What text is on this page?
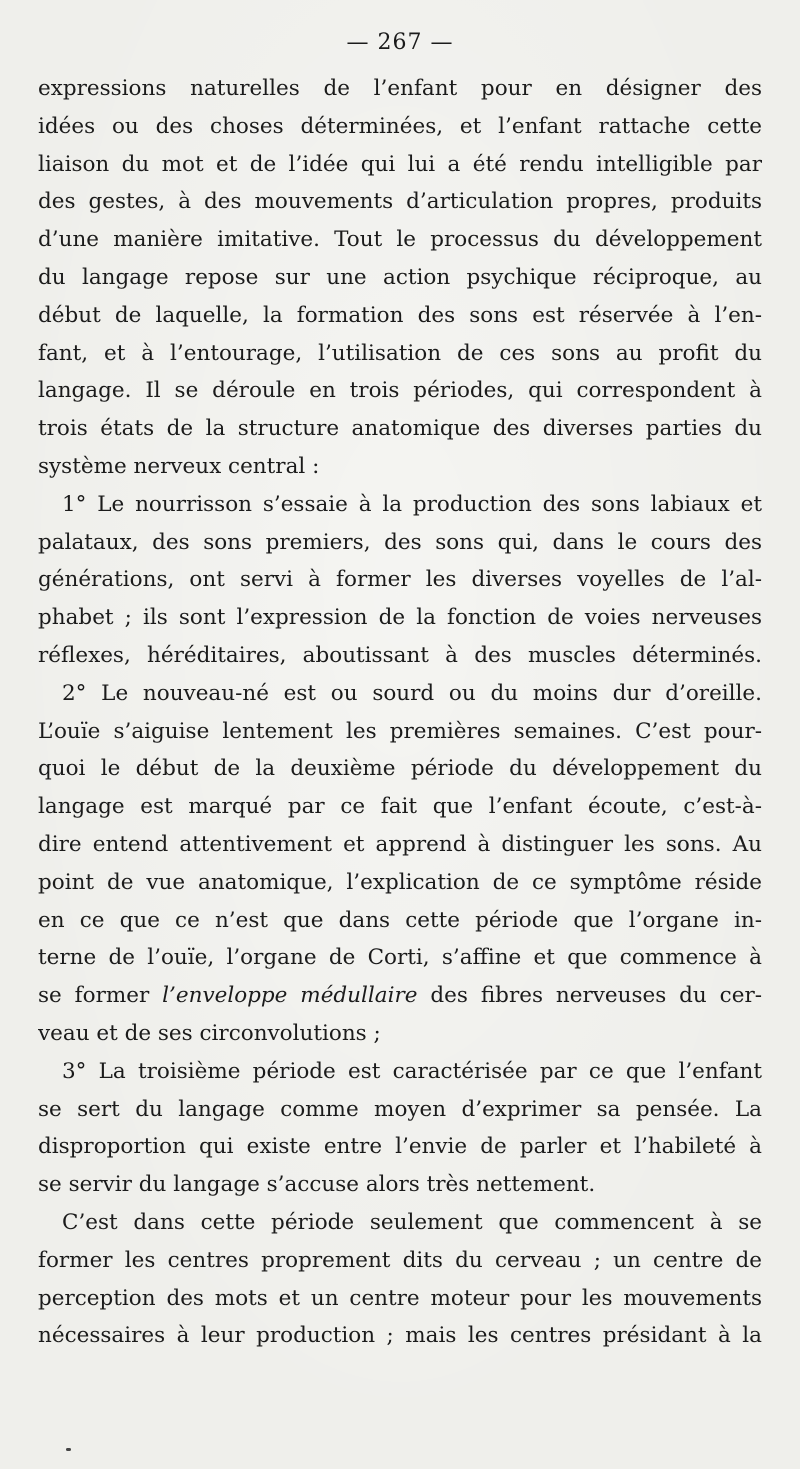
— 267 —
expressions naturelles de l’enfant pour en désigner des
idées ou des choses déterminées, et l’enfant rattache cette
liaison du mot et de l’idée qui lui a été rendu intelligible par
des gestes, à des mouvements d’articulation propres, produits
d’une manière imitative. Tout le processus du développement
du langage repose sur une action psychique réciproque, au
début de laquelle, la formation des sons est réservée à l’en-
fant, et à l’entourage, l’utilisation de ces sons au profit du
langage. Il se déroule en trois périodes, qui correspondent à
trois états de la structure anatomique des diverses parties du
système nerveux central :
1° Le nourrisson s’essaie à la production des sons labiaux et
palataux, des sons premiers, des sons qui, dans le cours des
générations, ont servi à former les diverses voyelles de l’al-
phabet ; ils sont l’expression de la fonction de voies nerveuses
réflexes, héréditaires, aboutissant à des muscles déterminés.
2° Le nouveau-né est ou sourd ou du moins dur d’oreille.
L’ouïe s’aiguise lentement les premières semaines. C’est pour-
quoi le début de la deuxième période du développement du
langage est marqué par ce fait que l’enfant écoute, c’est-à-
dire entend attentivement et apprend à distinguer les sons. Au
point de vue anatomique, l’explication de ce symptôme réside
en ce que ce n’est que dans cette période que l’organe in-
terne de l’ouïe, l’organe de Corti, s’affine et que commence à
se former l’enveloppe médullaire des fibres nerveuses du cer-
veau et de ses circonvolutions ;
3° La troisième période est caractérisée par ce que l’enfant
se sert du langage comme moyen d’exprimer sa pensée. La
disproportion qui existe entre l’envie de parler et l’habileté à
se servir du langage s’accuse alors très nettement.
C’est dans cette période seulement que commencent à se
former les centres proprement dits du cerveau ; un centre de
perception des mots et un centre moteur pour les mouvements
nécessaires à leur production ; mais les centres présidant à la
